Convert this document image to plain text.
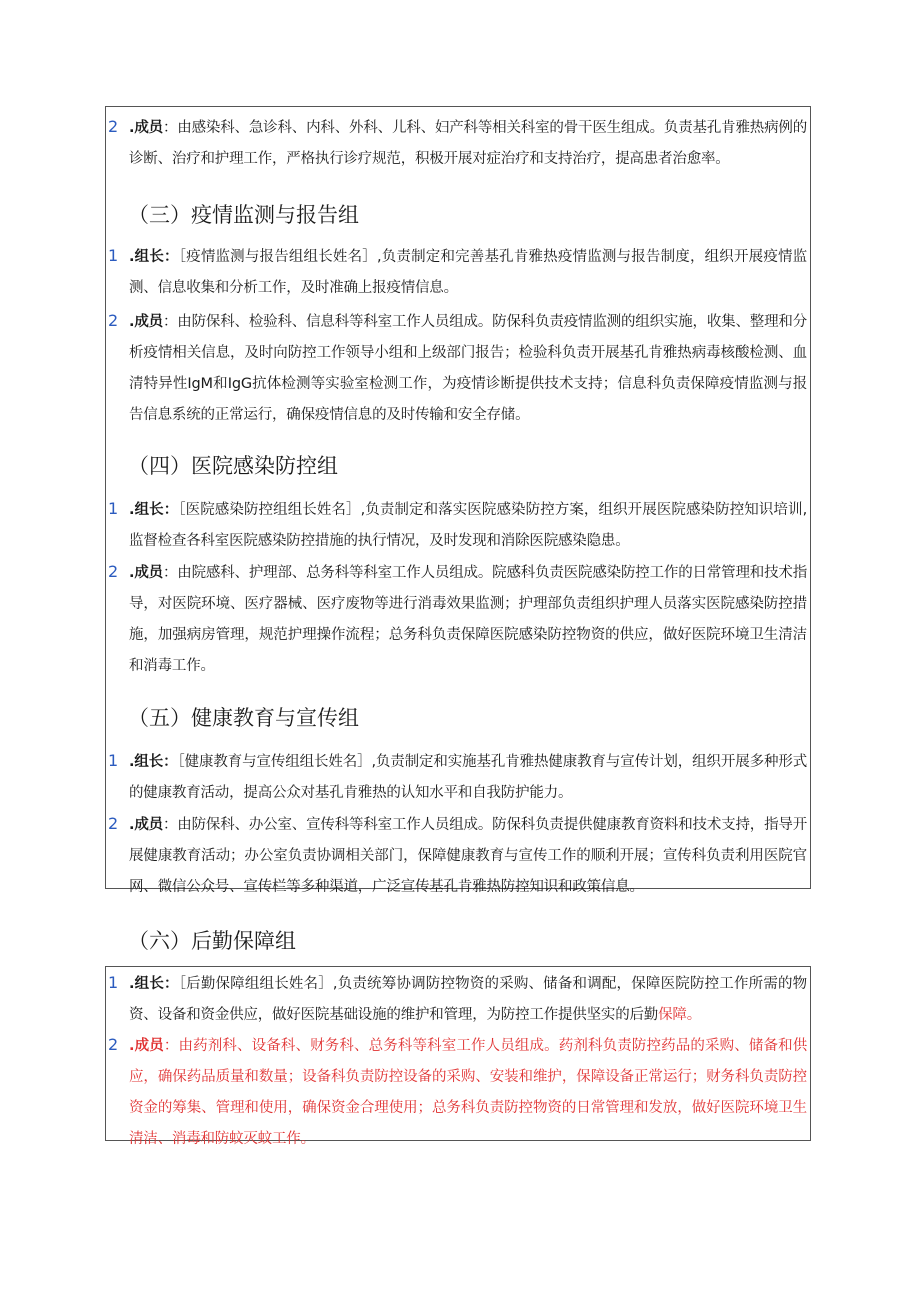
2 .成员：由感染科、急诊科、内科、外科、儿科、妇产科等相关科室的骨干医生组成。负责基孔肯雅热病例的诊断、治疗和护理工作，严格执行诊疗规范，积极开展对症治疗和支持治疗，提高患者治愈率。
1 .组长：［疫情监测与报告组组长姓名］,负责制定和完善基孔肯雅热疫情监测与报告制度，组织开展疫情监测、信息收集和分析工作，及时准确上报疫情信息。
2 .成员：由防保科、检验科、信息科等科室工作人员组成。防保科负责疫情监测的组织实施，收集、整理和分析疫情相关信息，及时向防控工作领导小组和上级部门报告；检验科负责开展基孔肯雅热病毒核酸检测、血清特异性IgM和IgG抗体检测等实验室检测工作，为疫情诊断提供技术支持；信息科负责保障疫情监测与报告信息系统的正常运行，确保疫情信息的及时传输和安全存储。
1 .组长：［医院感染防控组组长姓名］,负责制定和落实医院感染防控方案，组织开展医院感染防控知识培训,监督检查各科室医院感染防控措施的执行情况，及时发现和消除医院感染隐患。
2 .成员：由院感科、护理部、总务科等科室工作人员组成。院感科负责医院感染防控工作的日常管理和技术指导，对医院环境、医疗器械、医疗废物等进行消毒效果监测；护理部负责组织护理人员落实医院感染防控措施，加强病房管理，规范护理操作流程；总务科负责保障医院感染防控物资的供应，做好医院环境卫生清洁和消毒工作。
1 .组长：［健康教育与宣传组组长姓名］,负责制定和实施基孔肯雅热健康教育与宣传计划，组织开展多种形式的健康教育活动，提高公众对基孔肯雅热的认知水平和自我防护能力。
2 .成员：由防保科、办公室、宣传科等科室工作人员组成。防保科负责提供健康教育资料和技术支持，指导开展健康教育活动；办公室负责协调相关部门，保障健康教育与宣传工作的顺利开展；宣传科负责利用医院官网、微信公众号、宣传栏等多种渠道，广泛宣传基孔肯雅热防控知识和政策信息。
（三）疫情监测与报告组
（四）医院感染防控组
（五）健康教育与宣传组
（六）后勤保障组
1 .组长：［后勤保障组组长姓名］,负责统筹协调防控物资的采购、储备和调配，保障医院防控工作所需的物资、设备和资金供应，做好医院基础设施的维护和管理，为防控工作提供坚实的后勤保障。
2 .成员：由药剂科、设备科、财务科、总务科等科室工作人员组成。药剂科负责防控药品的采购、储备和供应，确保药品质量和数量；设备科负责防控设备的采购、安装和维护，保障设备正常运行；财务科负责防控资金的筹集、管理和使用，确保资金合理使用；总务科负责防控物资的日常管理和发放，做好医院环境卫生清洁、消毒和防蚊灭蚊工作。
